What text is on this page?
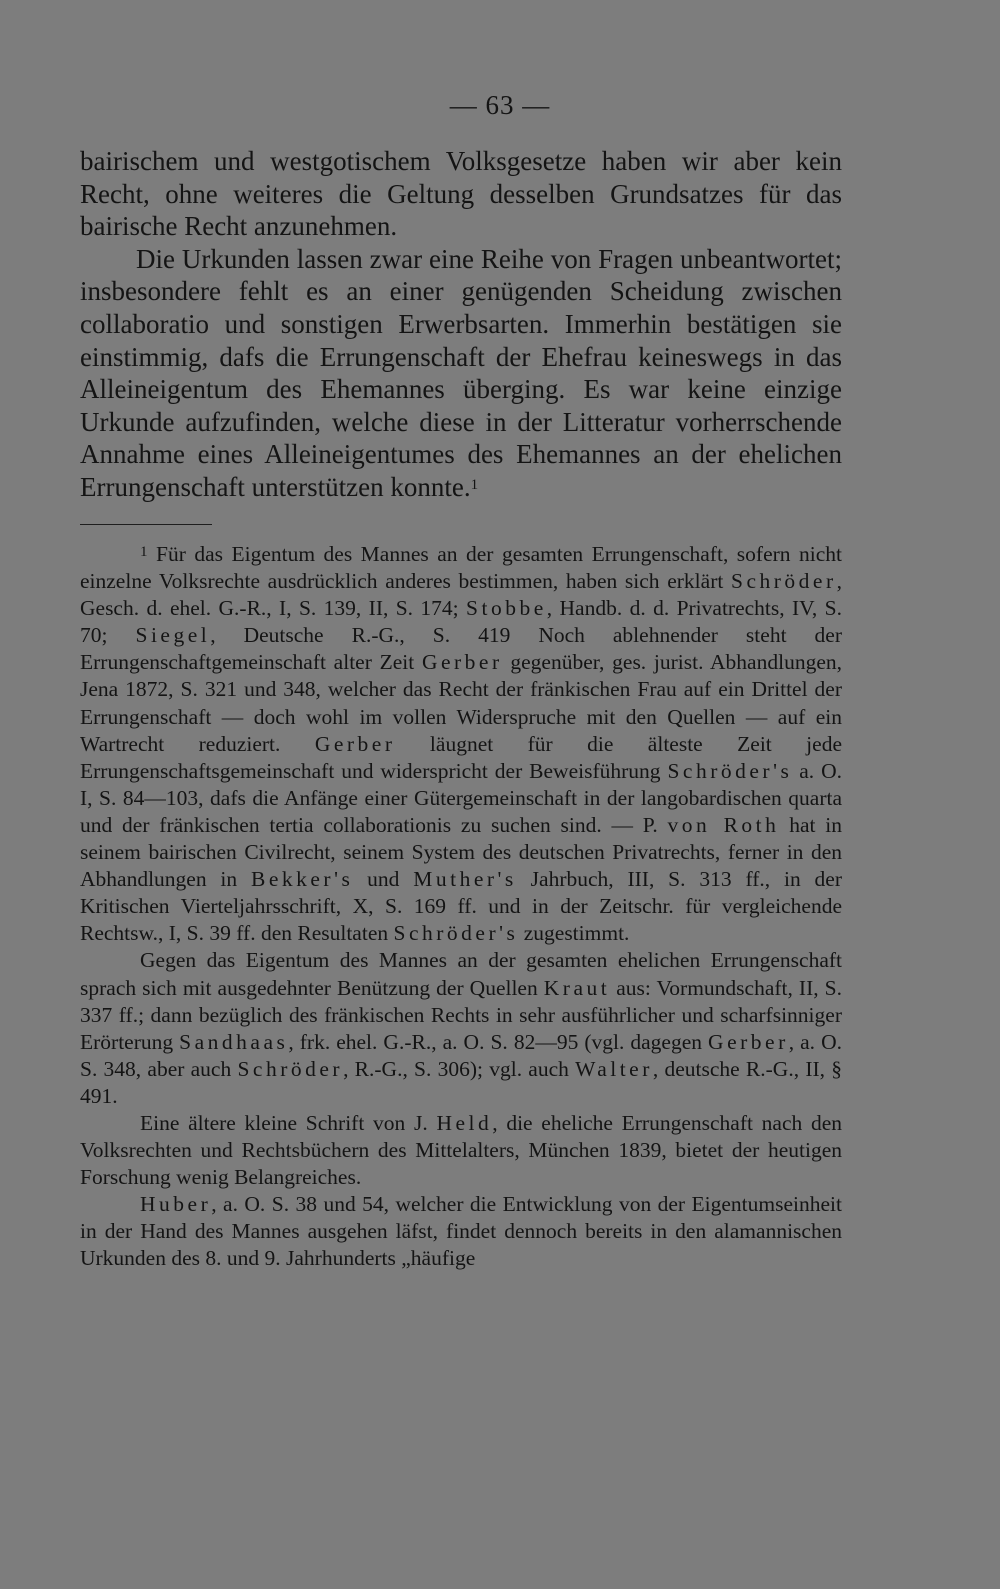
— 63 —

bairischem und westgotischem Volksgesetze haben wir aber kein Recht, ohne weiteres die Geltung desselben Grundsatzes für das bairische Recht anzunehmen.

Die Urkunden lassen zwar eine Reihe von Fragen unbeantwortet; insbesondere fehlt es an einer genügenden Scheidung zwischen collaboratio und sonstigen Erwerbsarten. Immerhin bestätigen sie einstimmig, dafs die Errungenschaft der Ehefrau keineswegs in das Alleineigentum des Ehemannes überging. Es war keine einzige Urkunde aufzufinden, welche diese in der Litteratur vorherrschende Annahme eines Alleineigentumes des Ehemannes an der ehelichen Errungenschaft unterstützen konnte.$^1$

$^1$ Für das Eigentum des Mannes an der gesamten Errungenschaft, sofern nicht einzelne Volksrechte ausdrücklich anderes bestimmen, haben sich erklärt Schröder, Gesch. d. ehel. G.-R., I, S. 139, II, S. 174; Stobbe, Handb. d. d. Privatrechts, IV, S. 70; Siegel, Deutsche R.-G., S. 419 Noch ablehnender steht der Errungenschaftgemeinschaft alter Zeit Gerber gegenüber, ges. jurist. Abhandlungen, Jena 1872, S. 321 und 348, welcher das Recht der fränkischen Frau auf ein Drittel der Errungenschaft — doch wohl im vollen Widerspruche mit den Quellen — auf ein Wartrecht reduziert. Gerber läugnet für die älteste Zeit jede Errungenschaftsgemeinschaft und widerspricht der Beweisführung Schröder's a. O. I, S. 84—103, dafs die Anfänge einer Gütergemeinschaft in der langobardischen quarta und der fränkischen tertia collaborationis zu suchen sind. — P. von Roth hat in seinem bairischen Civilrecht, seinem System des deutschen Privatrechts, ferner in den Abhandlungen in Bekker's und Muther's Jahrbuch, III, S. 313 ff., in der Kritischen Vierteljahrsschrift, X, S. 169 ff. und in der Zeitschr. für vergleichende Rechtsw., I, S. 39 ff. den Resultaten Schröder's zugestimmt.

Gegen das Eigentum des Mannes an der gesamten ehelichen Errungenschaft sprach sich mit ausgedehnter Benützung der Quellen Kraut aus: Vormundschaft, II, S. 337 ff.; dann bezüglich des fränkischen Rechts in sehr ausführlicher und scharfsinniger Erörterung Sandhaas, frk. ehel. G.-R., a. O. S. 82—95 (vgl. dagegen Gerber, a. O. S. 348, aber auch Schröder, R.-G., S. 306); vgl. auch Walter, deutsche R.-G., II, § 491.

Eine ältere kleine Schrift von J. Held, die eheliche Errungenschaft nach den Volksrechten und Rechtsbüchern des Mittelalters, München 1839, bietet der heutigen Forschung wenig Belangreiches.

Huber, a. O. S. 38 und 54, welcher die Entwicklung von der Eigentumseinheit in der Hand des Mannes ausgehen läfst, findet dennoch bereits in den alamannischen Urkunden des 8. und 9. Jahrhunderts „häufige
